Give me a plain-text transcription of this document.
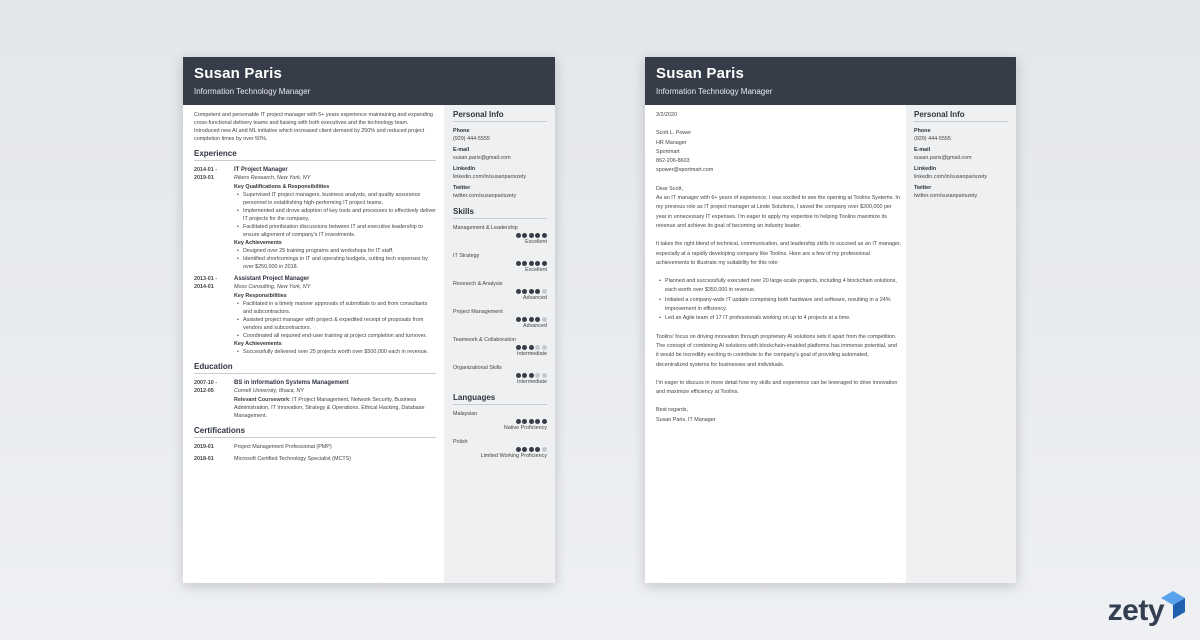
Susan Paris
Information Technology Manager

Competent and personable IT project manager with 5+ years experience maintaining and expanding cross-functional delivery teams and liaising with both executives and the technology team. Introduced new AI and ML initiative which increased client demand by 250% and reduced project completion times by over 50%.

Experience
2014-01 -
2019-01
IT Project Manager
Rikers Research, New York, NY
Key Qualifications & Responsibilities
• Supervised IT project managers, business analysts, and quality assurance personnel in establishing high-performing IT project teams.
• Implemented and drove adoption of key tools and processes to effectively deliver IT projects for the company.
• Facilitated prioritization discussions between IT and executive leadership to ensure alignment of company's IT investments.
Key Achievements
• Designed over 25 training programs and workshops for IT staff.
• Identified shortcomings in IT and operating budgets, cutting tech expenses by over $250,000 in 2018.
2013-01 -
2014-01
Assistant Project Manager
Moss Consulting, New York, NY
Key Responsibilities
• Facilitated in a timely manner approvals of submittals to and from consultants and subcontractors.
• Assisted project manager with project & expedited receipt of proposals from vendors and subcontractors.
• Coordinated all required end-user training at project completion and turnover.
Key Achievements
• Successfully delivered over 25 projects worth over $500,000 each in revenue.
Education
2007-10 -
2012-05
BS in Information Systems Management
Cornell University, Ithaca, NY

Relevant Coursework: IT Project Management, Network Security, Business Administration, IT Innovation, Strategy & Operations, Ethical Hacking, Database Management.

Certifications
2019-01	Project Management Professional (PMP)
2018-01	Microsoft Certified Technology Specialist (MCTS)
Personal Info
Phone
(929) 444-5555
E-mail
susan.paris@gmail.com
LinkedIn
linkedin.com/in/susanpariszety
Twitter
twitter.com/susanpariszety
Skills
Management & Leadership
Excellent
IT Strategy
Excellent
Research & Analysis
Advanced
Project Management
Advanced
Teamwork & Collaboration
Intermediate
Organizational Skills
Intermediate
Languages
Malaysian
Native Proficiency
Polish
Limited Working Proficiency
Susan Paris
Information Technology Manager

3/2/2020

Scott L. Power
HR Manager
Sportmart
862-206-8603
spower@sportmart.com

Dear Scott,

As an IT manager with 6+ years of experience, I was excited to see the opening at Toolins Systems. In my previous role as IT project manager at Linde Solutions, I saved the company over $200,000 per year in unnecessary IT expenses. I'm eager to apply my expertise to helping Toolins maximize its revenue and achieve its goal of becoming an industry leader.

It takes the right blend of technical, communication, and leadership skills to succeed as an IT manager, especially at a rapidly developing company like Toolins. Here are a few of my professional achievements to illustrate my suitability for this role:

• Planned and successfully executed over 20 large-scale projects, including 4 blockchain solutions, each worth over $350,000 in revenue.
• Initiated a company-wide IT update comprising both hardware and software, resulting in a 24% improvement in efficiency.
• Led an Agile team of 17 IT professionals working on up to 4 projects at a time.

Toolins' focus on driving innovation through proprietary AI solutions sets it apart from the competition. The concept of combining AI solutions with blockchain-enabled platforms has immense potential, and it would be incredibly exciting to contribute to the company's goal of providing automated, decentralized systems for businesses and individuals.

I'm eager to discuss in more detail how my skills and experience can be leveraged to drive innovation and maximize efficiency at Toolins.

Best regards,
Susan Paris, IT Manager

Personal Info
Phone
(929) 444-5555
E-mail
susan.paris@gmail.com
LinkedIn
linkedin.com/in/susanpariszety
Twitter
twitter.com/susanpariszety
zety
